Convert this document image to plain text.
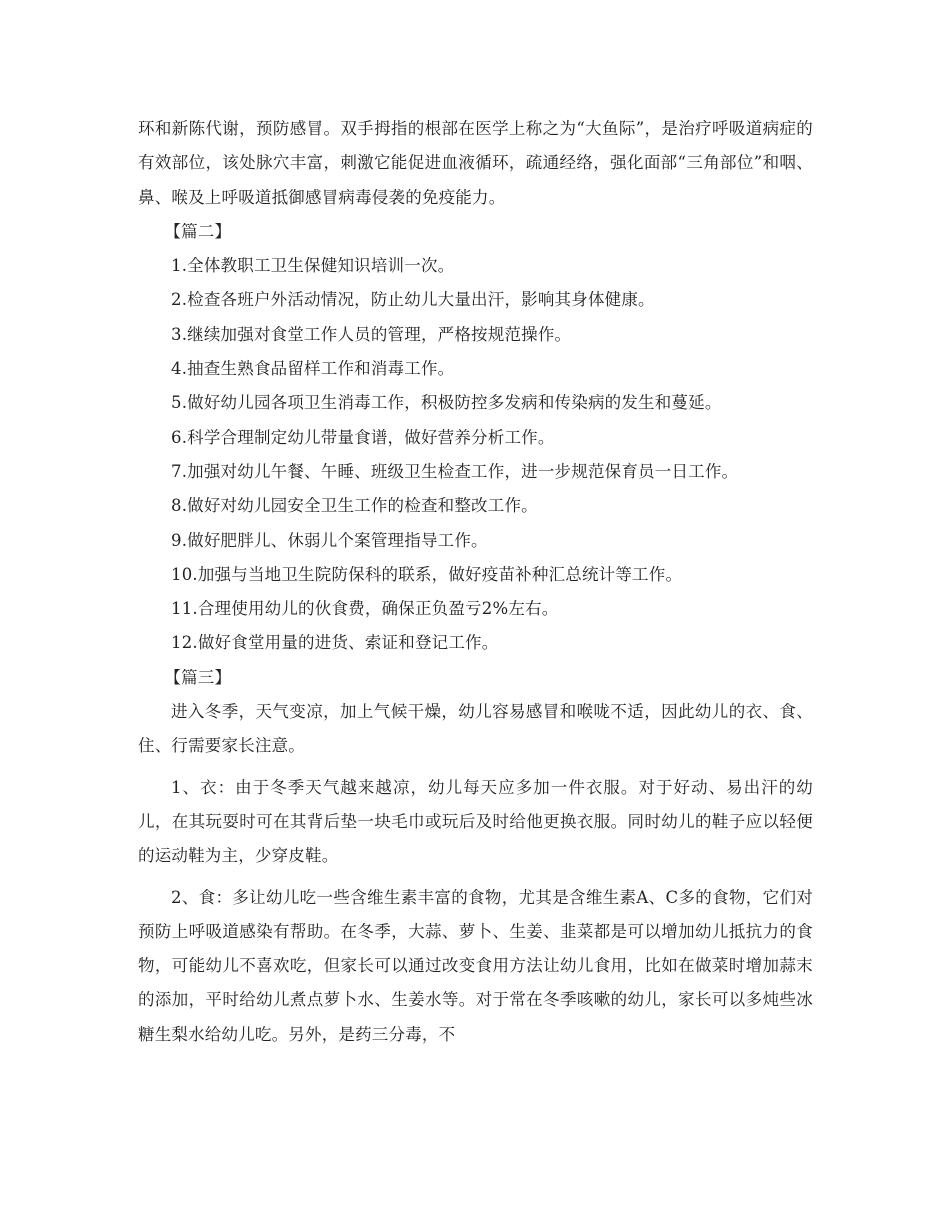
环和新陈代谢，预防感冒。双手拇指的根部在医学上称之为“大鱼际”，是治疗呼吸道病症的有效部位，该处脉穴丰富，刺激它能促进血液循环，疏通经络，强化面部“三角部位”和咽、鼻、喉及上呼吸道抵御感冒病毒侵袭的免疫能力。

【篇二】

1.全体教职工卫生保健知识培训一次。

2.检查各班户外活动情况，防止幼儿大量出汗，影响其身体健康。

3.继续加强对食堂工作人员的管理，严格按规范操作。

4.抽查生熟食品留样工作和消毒工作。

5.做好幼儿园各项卫生消毒工作，积极防控多发病和传染病的发生和蔓延。

6.科学合理制定幼儿带量食谱，做好营养分析工作。

7.加强对幼儿午餐、午睡、班级卫生检查工作，进一步规范保育员一日工作。

8.做好对幼儿园安全卫生工作的检查和整改工作。

9.做好肥胖儿、休弱儿个案管理指导工作。

10.加强与当地卫生院防保科的联系，做好疫苗补种汇总统计等工作。

11.合理使用幼儿的伙食费，确保正负盈亏2%左右。

12.做好食堂用量的进货、索证和登记工作。

【篇三】

进入冬季，天气变凉，加上气候干燥，幼儿容易感冒和喉咙不适，因此幼儿的衣、食、住、行需要家长注意。

1、衣：由于冬季天气越来越凉，幼儿每天应多加一件衣服。对于好动、易出汗的幼儿，在其玩耍时可在其背后垫一块毛巾或玩后及时给他更换衣服。同时幼儿的鞋子应以轻便的运动鞋为主，少穿皮鞋。

2、食：多让幼儿吃一些含维生素丰富的食物，尤其是含维生素A、C多的食物，它们对预防上呼吸道感染有帮助。在冬季，大蒜、萝卜、生姜、韭菜都是可以增加幼儿抵抗力的食物，可能幼儿不喜欢吃，但家长可以通过改变食用方法让幼儿食用，比如在做菜时增加蒜末的添加，平时给幼儿煮点萝卜水、生姜水等。对于常在冬季咳嗽的幼儿，家长可以多炖些冰糖生梨水给幼儿吃。另外，是药三分毒，不
